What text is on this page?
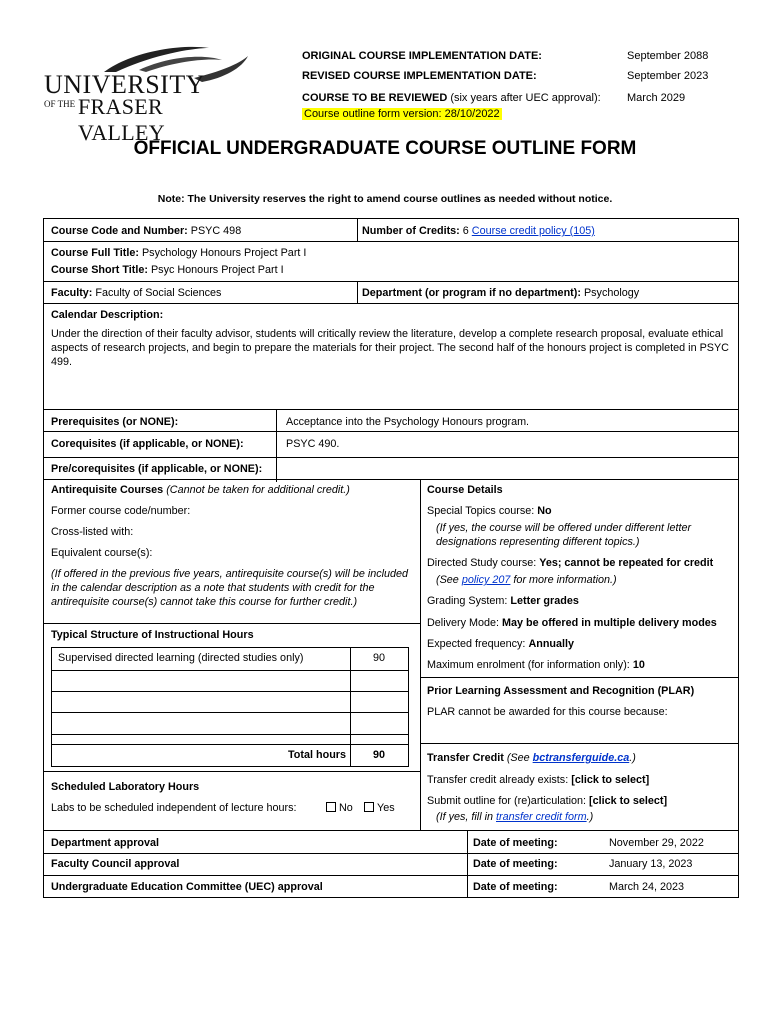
UNIVERSITY
OF THE FRASER VALLEY
ORIGINAL COURSE IMPLEMENTATION DATE:	September 2088
REVISED COURSE IMPLEMENTATION DATE:	September 2023
COURSE TO BE REVIEWED (six years after UEC approval): March 2029
Course outline form version: 28/10/2022
OFFICIAL UNDERGRADUATE COURSE OUTLINE FORM
Note: The University reserves the right to amend course outlines as needed without notice.
Course Code and Number: PSYC 498	Number of Credits: 6 Course credit policy (105)
Course Full Title: Psychology Honours Project Part I
Course Short Title: Psyc Honours Project Part I
Faculty: Faculty of Social Sciences	Department (or program if no department): Psychology
Calendar Description:
Under the direction of their faculty advisor, students will critically review the literature, develop a complete research proposal, evaluate ethical aspects of research projects, and begin to prepare the materials for their project. The second half of the honours project is completed in PSYC 499.
Prerequisites (or NONE):	Acceptance into the Psychology Honours program.
Corequisites (if applicable, or NONE):	PSYC 490.
Pre/corequisites (if applicable, or NONE):
Antirequisite Courses (Cannot be taken for additional credit.)
Former course code/number:
Cross-listed with:
Equivalent course(s):
(If offered in the previous five years, antirequisite course(s) will be included in the calendar description as a note that students with credit for the antirequisite course(s) cannot take this course for further credit.)
Typical Structure of Instructional Hours
Supervised directed learning (directed studies only)	90
Total hours	90
Scheduled Laboratory Hours
Labs to be scheduled independent of lecture hours:	No	Yes
Course Details
Special Topics course: No
(If yes, the course will be offered under different letter designations representing different topics.)
Directed Study course: Yes; cannot be repeated for credit
(See policy 207 for more information.)
Grading System: Letter grades
Delivery Mode: May be offered in multiple delivery modes
Expected frequency: Annually
Maximum enrolment (for information only): 10
Prior Learning Assessment and Recognition (PLAR)
PLAR cannot be awarded for this course because:
Transfer Credit (See bctransferguide.ca.)
Transfer credit already exists: [click to select]
Submit outline for (re)articulation: [click to select]
(If yes, fill in transfer credit form.)
Department approval	Date of meeting:	November 29, 2022
Faculty Council approval	Date of meeting:	January 13, 2023
Undergraduate Education Committee (UEC) approval	Date of meeting:	March 24, 2023
